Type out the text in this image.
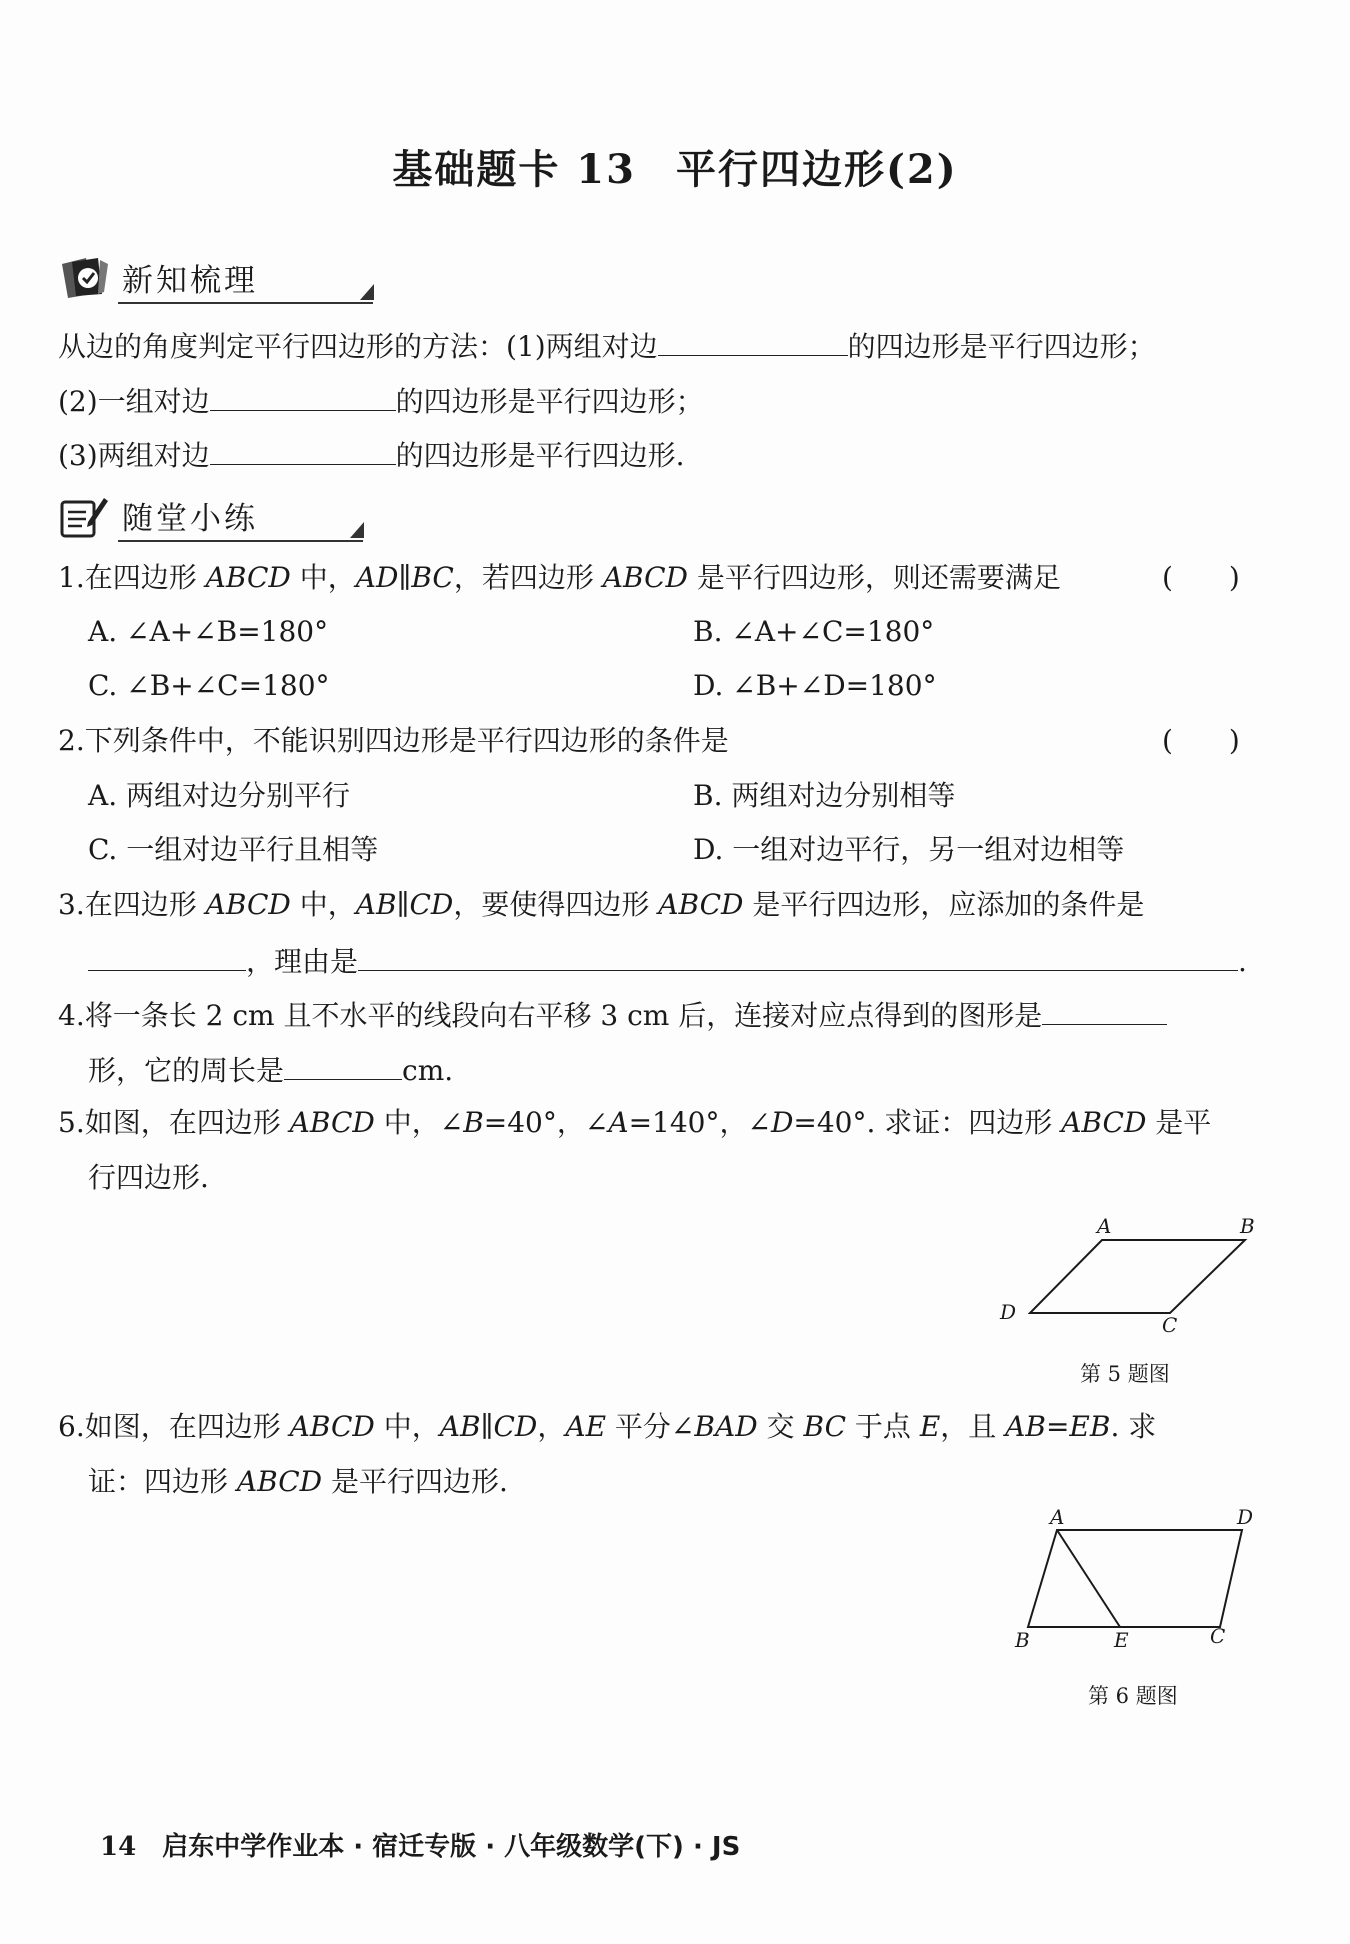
基础题卡 13 平行四边形(2)
新知梳理
从边的角度判定平行四边形的方法：(1)两组对边	的四边形是平行四边形；
(2)一组对边	的四边形是平行四边形；
(3)两组对边	的四边形是平行四边形.
随堂小练
1.在四边形 ABCD 中，AD∥BC，若四边形 ABCD 是平行四边形，则还需要满足	(　　)
A. ∠A+∠B=180°	B. ∠A+∠C=180°
C. ∠B+∠C=180°	D. ∠B+∠D=180°
2.下列条件中，不能识别四边形是平行四边形的条件是	(　　)
A. 两组对边分别平行	B. 两组对边分别相等
C. 一组对边平行且相等	D. 一组对边平行，另一组对边相等
3.在四边形 ABCD 中，AB∥CD，要使得四边形 ABCD 是平行四边形，应添加的条件是
，理由是	.
4.将一条长 2 cm 且不水平的线段向右平移 3 cm 后，连接对应点得到的图形是
形，它的周长是	cm.
5.如图，在四边形 ABCD 中，∠B=40°，∠A=140°，∠D=40°. 求证：四边形 ABCD 是平
行四边形.
A	B
C
D
第 5 题图
6.如图，在四边形 ABCD 中，AB∥CD，AE 平分∠BAD 交 BC 于点 E，且 AB=EB. 求
证：四边形 ABCD 是平行四边形.
A	D
B	E	C
第 6 题图
14 启东中学作业本 · 宿迁专版 · 八年级数学(下) · JS
